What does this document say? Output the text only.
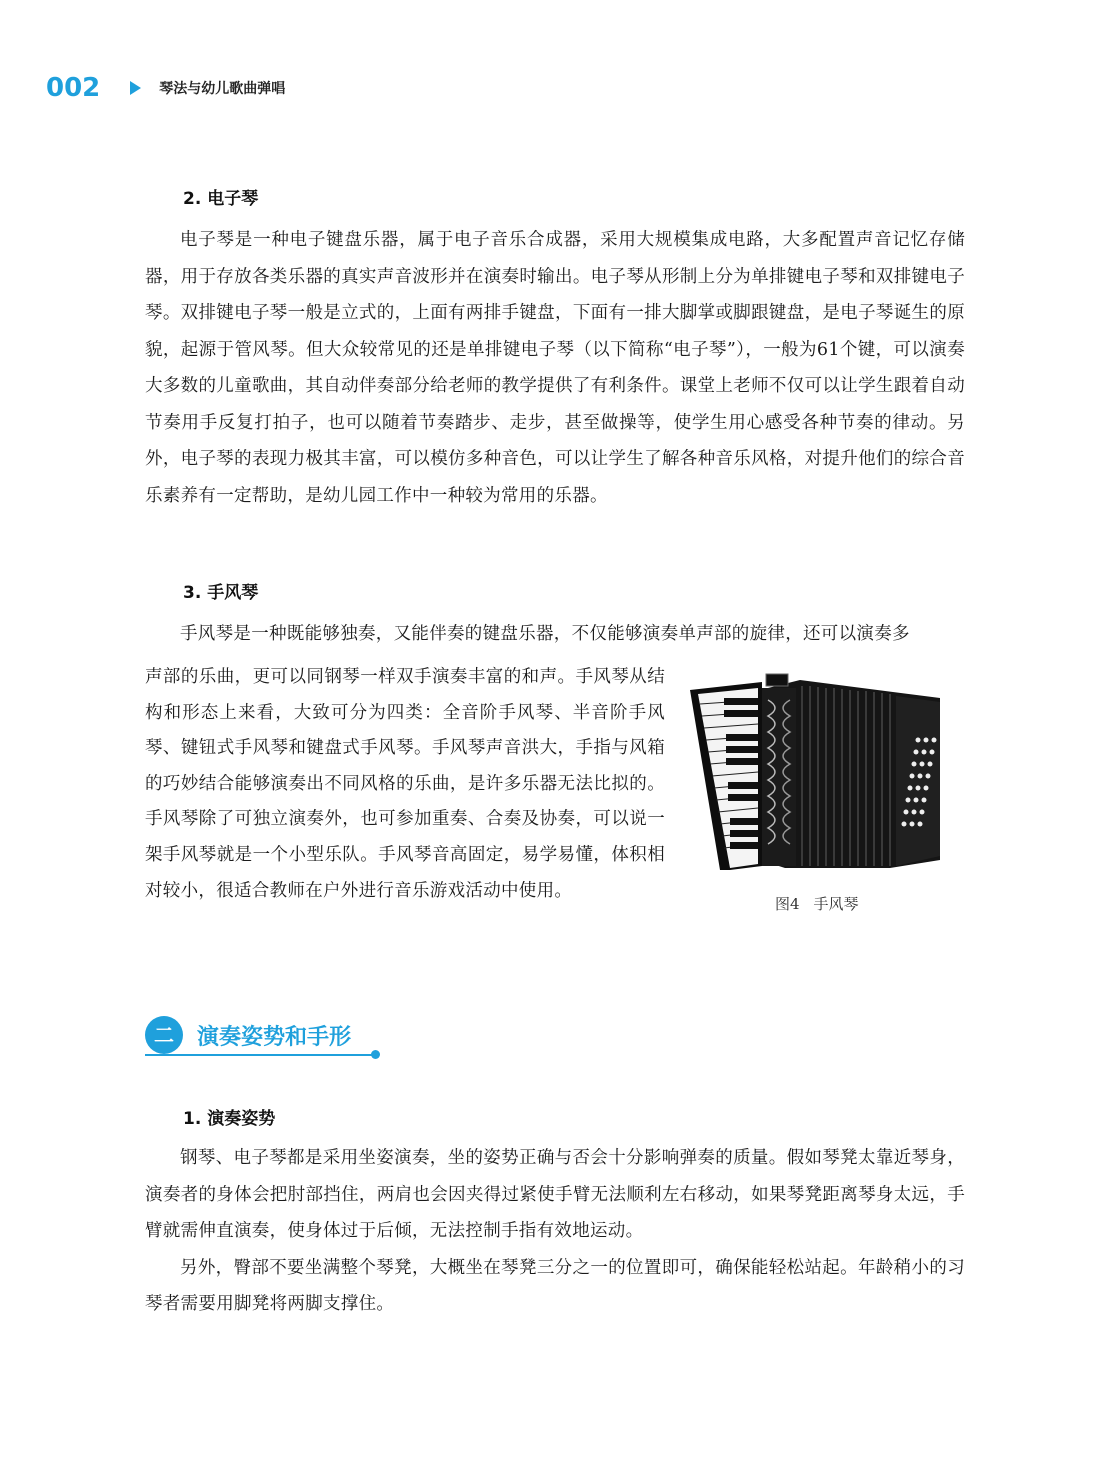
002	琴法与幼儿歌曲弹唱
2. 电子琴

电子琴是一种电子键盘乐器，属于电子音乐合成器，采用大规模集成电路，大多配置声音记忆存储器，用于存放各类乐器的真实声音波形并在演奏时输出。电子琴从形制上分为单排键电子琴和双排键电子琴。双排键电子琴一般是立式的，上面有两排手键盘，下面有一排大脚掌或脚跟键盘，是电子琴诞生的原貌，起源于管风琴。但大众较常见的还是单排键电子琴（以下简称“电子琴”），一般为61个键，可以演奏大多数的儿童歌曲，其自动伴奏部分给老师的教学提供了有利条件。课堂上老师不仅可以让学生跟着自动节奏用手反复打拍子，也可以随着节奏踏步、走步，甚至做操等，使学生用心感受各种节奏的律动。另外，电子琴的表现力极其丰富，可以模仿多种音色，可以让学生了解各种音乐风格，对提升他们的综合音乐素养有一定帮助，是幼儿园工作中一种较为常用的乐器。

3. 手风琴

手风琴是一种既能够独奏，又能伴奏的键盘乐器，不仅能够演奏单声部的旋律，还可以演奏多

声部的乐曲，更可以同钢琴一样双手演奏丰富的和声。手风琴从结构和形态上来看，大致可分为四类：全音阶手风琴、半音阶手风琴、键钮式手风琴和键盘式手风琴。手风琴声音洪大，手指与风箱的巧妙结合能够演奏出不同风格的乐曲，是许多乐器无法比拟的。手风琴除了可独立演奏外，也可参加重奏、合奏及协奏，可以说一架手风琴就是一个小型乐队。手风琴音高固定，易学易懂，体积相对较小，很适合教师在户外进行音乐游戏活动中使用。

图4 手风琴
二	演奏姿势和手形
1. 演奏姿势

钢琴、电子琴都是采用坐姿演奏，坐的姿势正确与否会十分影响弹奏的质量。假如琴凳太靠近琴身，演奏者的身体会把肘部挡住，两肩也会因夹得过紧使手臂无法顺利左右移动，如果琴凳距离琴身太远，手臂就需伸直演奏，使身体过于后倾，无法控制手指有效地运动。

另外，臀部不要坐满整个琴凳，大概坐在琴凳三分之一的位置即可，确保能轻松站起。年龄稍小的习琴者需要用脚凳将两脚支撑住。
